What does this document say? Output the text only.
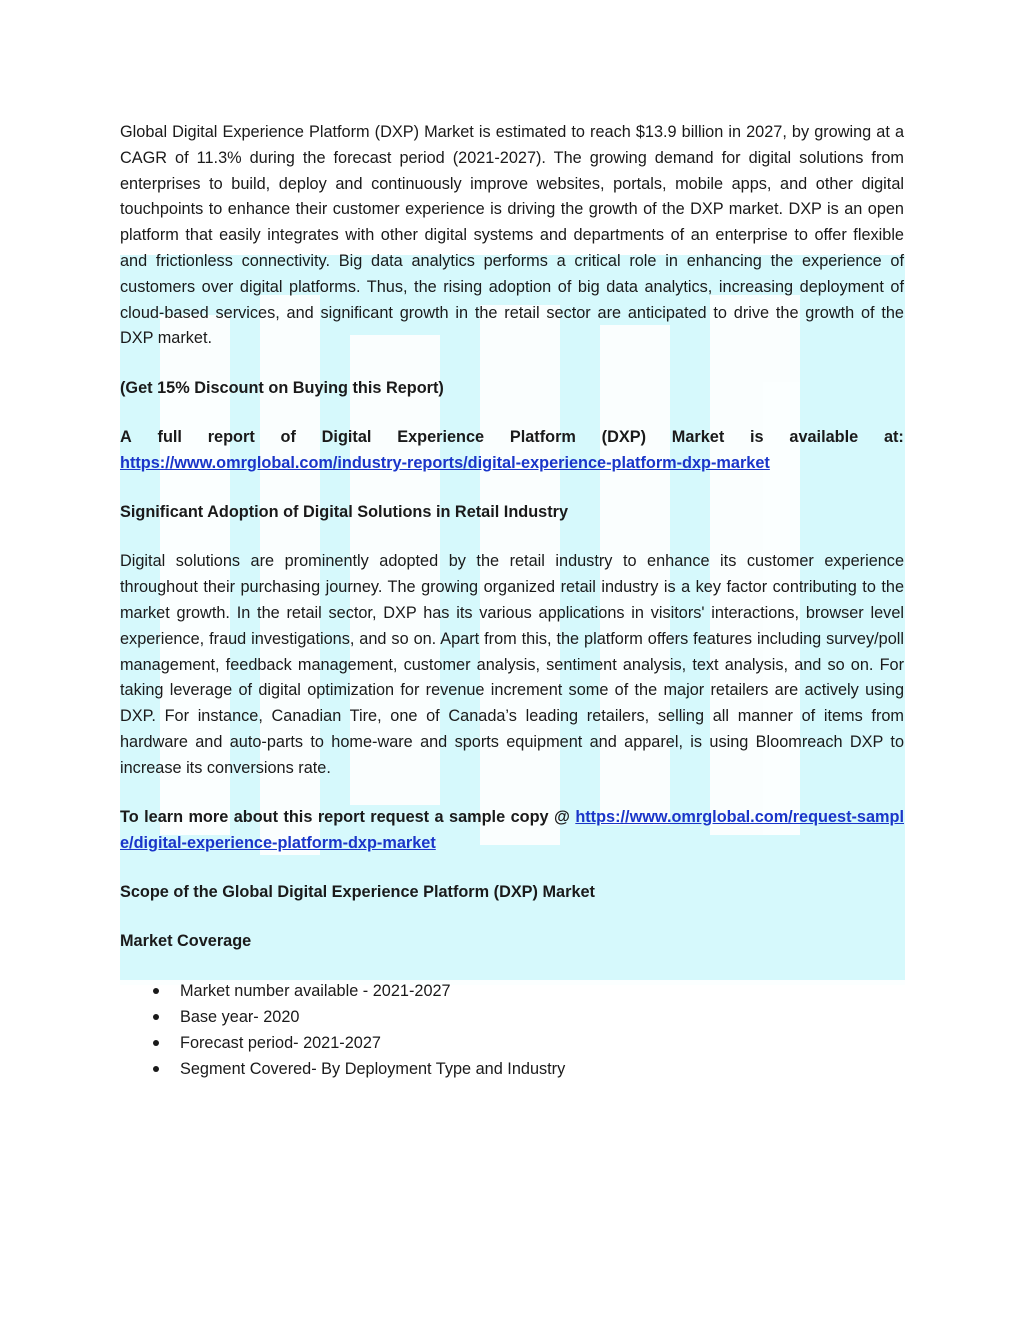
Global Digital Experience Platform (DXP) Market is estimated to reach $13.9 billion in 2027, by growing at a CAGR of 11.3% during the forecast period (2021-2027). The growing demand for digital solutions from enterprises to build, deploy and continuously improve websites, portals, mobile apps, and other digital touchpoints to enhance their customer experience is driving the growth of the DXP market. DXP is an open platform that easily integrates with other digital systems and departments of an enterprise to offer flexible and frictionless connectivity. Big data analytics performs a critical role in enhancing the experience of customers over digital platforms. Thus, the rising adoption of big data analytics, increasing deployment of cloud-based services, and significant growth in the retail sector are anticipated to drive the growth of the DXP market.

(Get 15% Discount on Buying this Report)

A full report of Digital Experience Platform (DXP) Market is available at:
https://www.omrglobal.com/industry-reports/digital-experience-platform-dxp-market

Significant Adoption of Digital Solutions in Retail Industry

Digital solutions are prominently adopted by the retail industry to enhance its customer experience throughout their purchasing journey. The growing organized retail industry is a key factor contributing to the market growth. In the retail sector, DXP has its various applications in visitors' interactions, browser level experience, fraud investigations, and so on. Apart from this, the platform offers features including survey/poll management, feedback management, customer analysis, sentiment analysis, text analysis, and so on. For taking leverage of digital optimization for revenue increment some of the major retailers are actively using DXP. For instance, Canadian Tire, one of Canada’s leading retailers, selling all manner of items from hardware and auto-parts to home-ware and sports equipment and apparel, is using Bloomreach DXP to increase its conversions rate.

To learn more about this report request a sample copy @ https://www.omrglobal.com/request-sample/digital-experience-platform-dxp-market

Scope of the Global Digital Experience Platform (DXP) Market

Market Coverage

Market number available - 2021-2027
Base year- 2020
Forecast period- 2021-2027
Segment Covered- By Deployment Type and Industry
